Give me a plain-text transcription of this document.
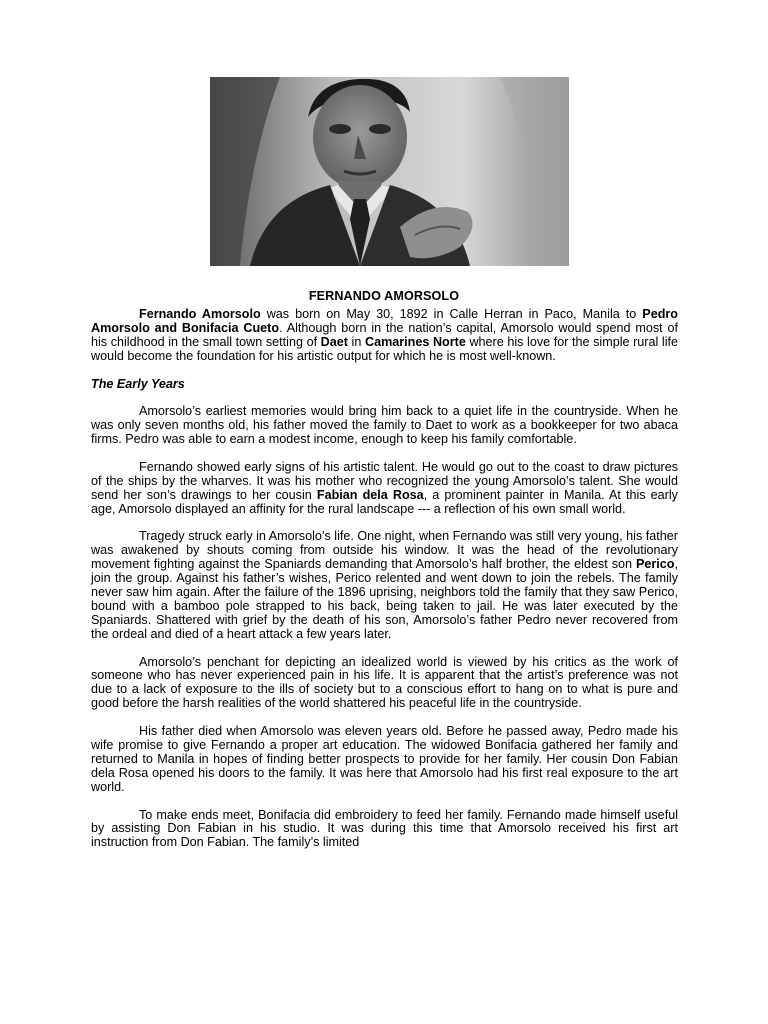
FERNANDO AMORSOLO

Fernando Amorsolo was born on May 30, 1892 in Calle Herran in Paco, Manila to Pedro Amorsolo and Bonifacia Cueto. Although born in the nation’s capital, Amorsolo would spend most of his childhood in the small town setting of Daet in Camarines Norte where his love for the simple rural life would become the foundation for his artistic output for which he is most well-known.

The Early Years

Amorsolo’s earliest memories would bring him back to a quiet life in the countryside. When he was only seven months old, his father moved the family to Daet to work as a bookkeeper for two abaca firms. Pedro was able to earn a modest income, enough to keep his family comfortable.

Fernando showed early signs of his artistic talent. He would go out to the coast to draw pictures of the ships by the wharves. It was his mother who recognized the young Amorsolo’s talent. She would send her son’s drawings to her cousin Fabian dela Rosa, a prominent painter in Manila. At this early age, Amorsolo displayed an affinity for the rural landscape --- a reflection of his own small world.

Tragedy struck early in Amorsolo’s life. One night, when Fernando was still very young, his father was awakened by shouts coming from outside his window. It was the head of the revolutionary movement fighting against the Spaniards demanding that Amorsolo’s half brother, the eldest son Perico, join the group. Against his father’s wishes, Perico relented and went down to join the rebels. The family never saw him again. After the failure of the 1896 uprising, neighbors told the family that they saw Perico, bound with a bamboo pole strapped to his back, being taken to jail. He was later executed by the Spaniards. Shattered with grief by the death of his son, Amorsolo’s father Pedro never recovered from the ordeal and died of a heart attack a few years later.

Amorsolo’s penchant for depicting an idealized world is viewed by his critics as the work of someone who has never experienced pain in his life. It is apparent that the artist’s preference was not due to a lack of exposure to the ills of society but to a conscious effort to hang on to what is pure and good before the harsh realities of the world shattered his peaceful life in the countryside.

His father died when Amorsolo was eleven years old. Before he passed away, Pedro made his wife promise to give Fernando a proper art education. The widowed Bonifacia gathered her family and returned to Manila in hopes of finding better prospects to provide for her family. Her cousin Don Fabian dela Rosa opened his doors to the family. It was here that Amorsolo had his first real exposure to the art world.

To make ends meet, Bonifacia did embroidery to feed her family. Fernando made himself useful by assisting Don Fabian in his studio. It was during this time that Amorsolo received his first art instruction from Don Fabian. The family’s limited
